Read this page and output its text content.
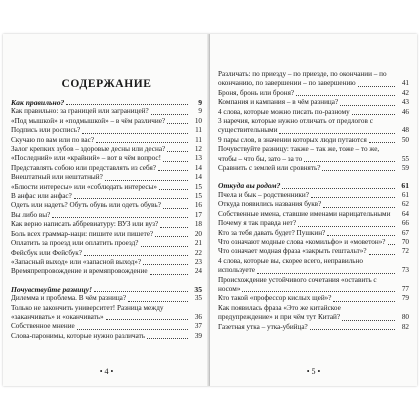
СОДЕРЖАНИЕ
Как правильно?	9
Как правильно: за границей или заграницей?	9
«Под мышкой» и «подмышкой» – в чём различие?	10
Подпись или роспись?	11
Скучаю по вам или по вас?	11
Залог крепких зубов – здоровые десны или десна?	12
«Последний» или «крайний» – вот в чём вопрос!	13
Представлять собою или представлять из себя?	14
Внештатный или нештатный?	14
«Блюсти интересы» или «соблюдать интересы»	15
В анфас или анфас?	15
Одеть или надеть? Обуть обувь или одеть обувь?	16
Вы либо вы?	17
Как верно написать аббревиатуру: ВУЗ или вуз?	18
Боль всех граммар-наци: пишите или пишете?	20
Оплатить за проезд или оплатить проезд?	21
Фейсбук или Фейсбук?	22
«Запасный выход» или «запасной выход»?	23
Времяпрепровождение и времяпровождение	24
Почувствуйте разницу!	35
Дилемма и проблема. В чём разница?	35
Только не закончить университет! Разница между «заканчивать» и «оканчивать»	36
Собственное мнение	37
Слова-паронимы, которые нужно различать	39
• 4 •
Различать: по приезду – по приезде, по окончании – по окончанию, по завершении – по завершению	41
Броня, бронь или броня?	42
Компания и кампания – в чём разница?	43
4 слова, которые можно писать по-разному	46
3 наречия, которые нужно отличать от предлогов с существительными	48
9 пары слов, в значении которых люди путаются	50
Почувствуйте разницу: также – так же, тоже – то же, чтобы – что бы, зато – за то	55
Сравнить с землей или сровнять?	59
Откуда вы родом?	61
Пчела и бык – родственники?	61
Откуда появились названия букв?	62
Собственные имена, ставшие именами нарицательными	64
Почему я так правда нет?	66
Кто за тебя давать будет? Пушкин?	67
Что означают модные слова «комильфо» и «моветон»?	70
Что означает модная фраза «закрыть гештальт»?	72
4 слова, которые вы, скорее всего, неправильно используете	73
Происхождение устойчивого сочетания «оставить с носом»	77
Кто такой «профессор кислых щей»?	79
Как появилась фраза «Это же китайское предупреждение» и при чём тут Китай?	80
Газетная утка – утка-убийца?	82
• 5 •
